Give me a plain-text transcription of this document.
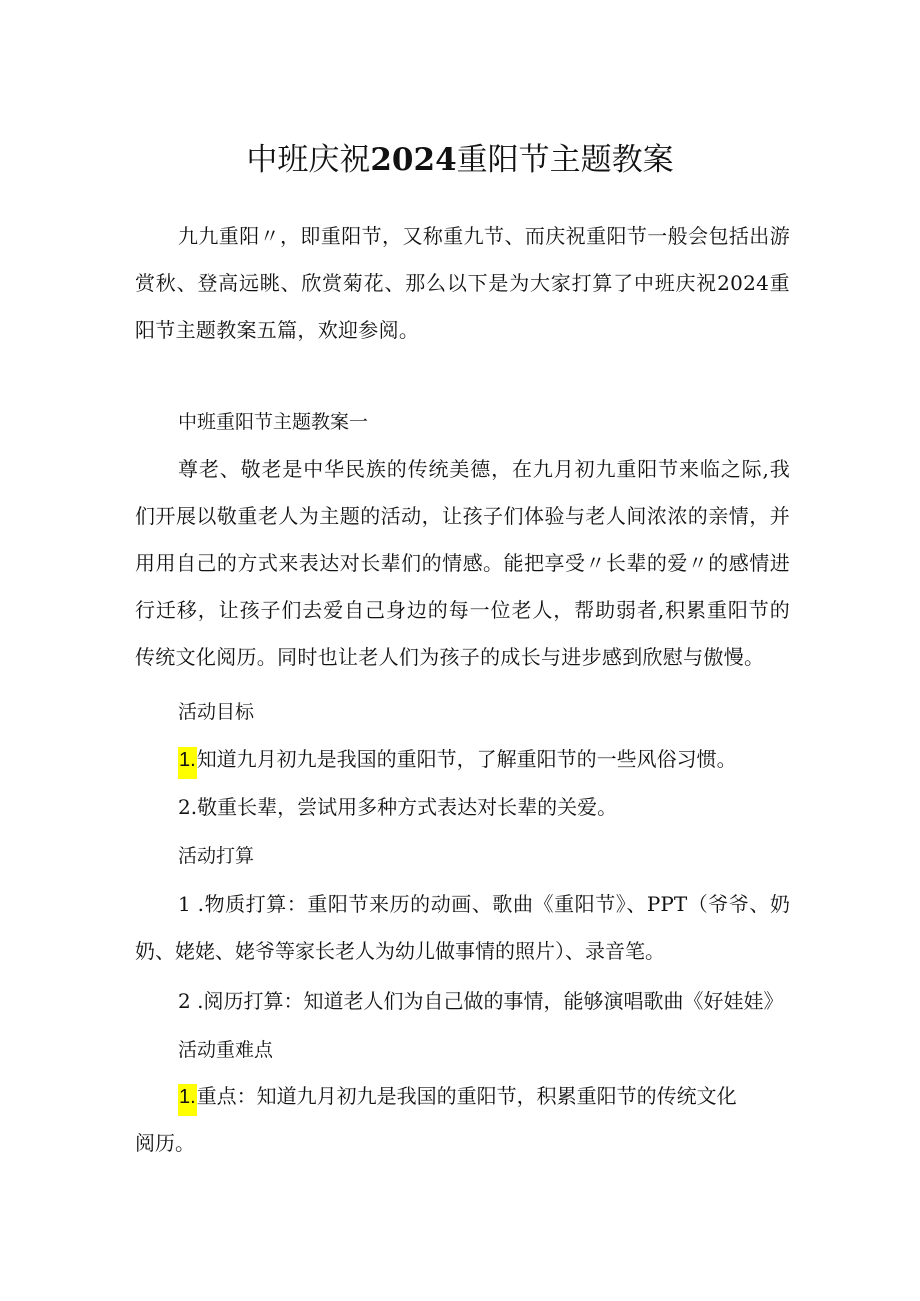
中班庆祝2024重阳节主题教案
九九重阳〃，即重阳节，又称重九节、而庆祝重阳节一般会包括出游赏秋、登高远眺、欣赏菊花、那么以下是为大家打算了中班庆祝2024重阳节主题教案五篇，欢迎参阅。
中班重阳节主题教案一
尊老、敬老是中华民族的传统美德，在九月初九重阳节来临之际,我们开展以敬重老人为主题的活动，让孩子们体验与老人间浓浓的亲情，并用用自己的方式来表达对长辈们的情感。能把享受〃长辈的爱〃的感情进行迁移，让孩子们去爱自己身边的每一位老人，帮助弱者,积累重阳节的传统文化阅历。同时也让老人们为孩子的成长与进步感到欣慰与傲慢。
活动目标
1.知道九月初九是我国的重阳节，了解重阳节的一些风俗习惯。
2.敬重长辈，尝试用多种方式表达对长辈的关爱。
活动打算
1 .物质打算：重阳节来历的动画、歌曲《重阳节》、PPT（爷爷、奶奶、姥姥、姥爷等家长老人为幼儿做事情的照片）、录音笔。
2 .阅历打算：知道老人们为自己做的事情，能够演唱歌曲《好娃娃》
活动重难点
1.重点：知道九月初九是我国的重阳节，积累重阳节的传统文化
阅历。
